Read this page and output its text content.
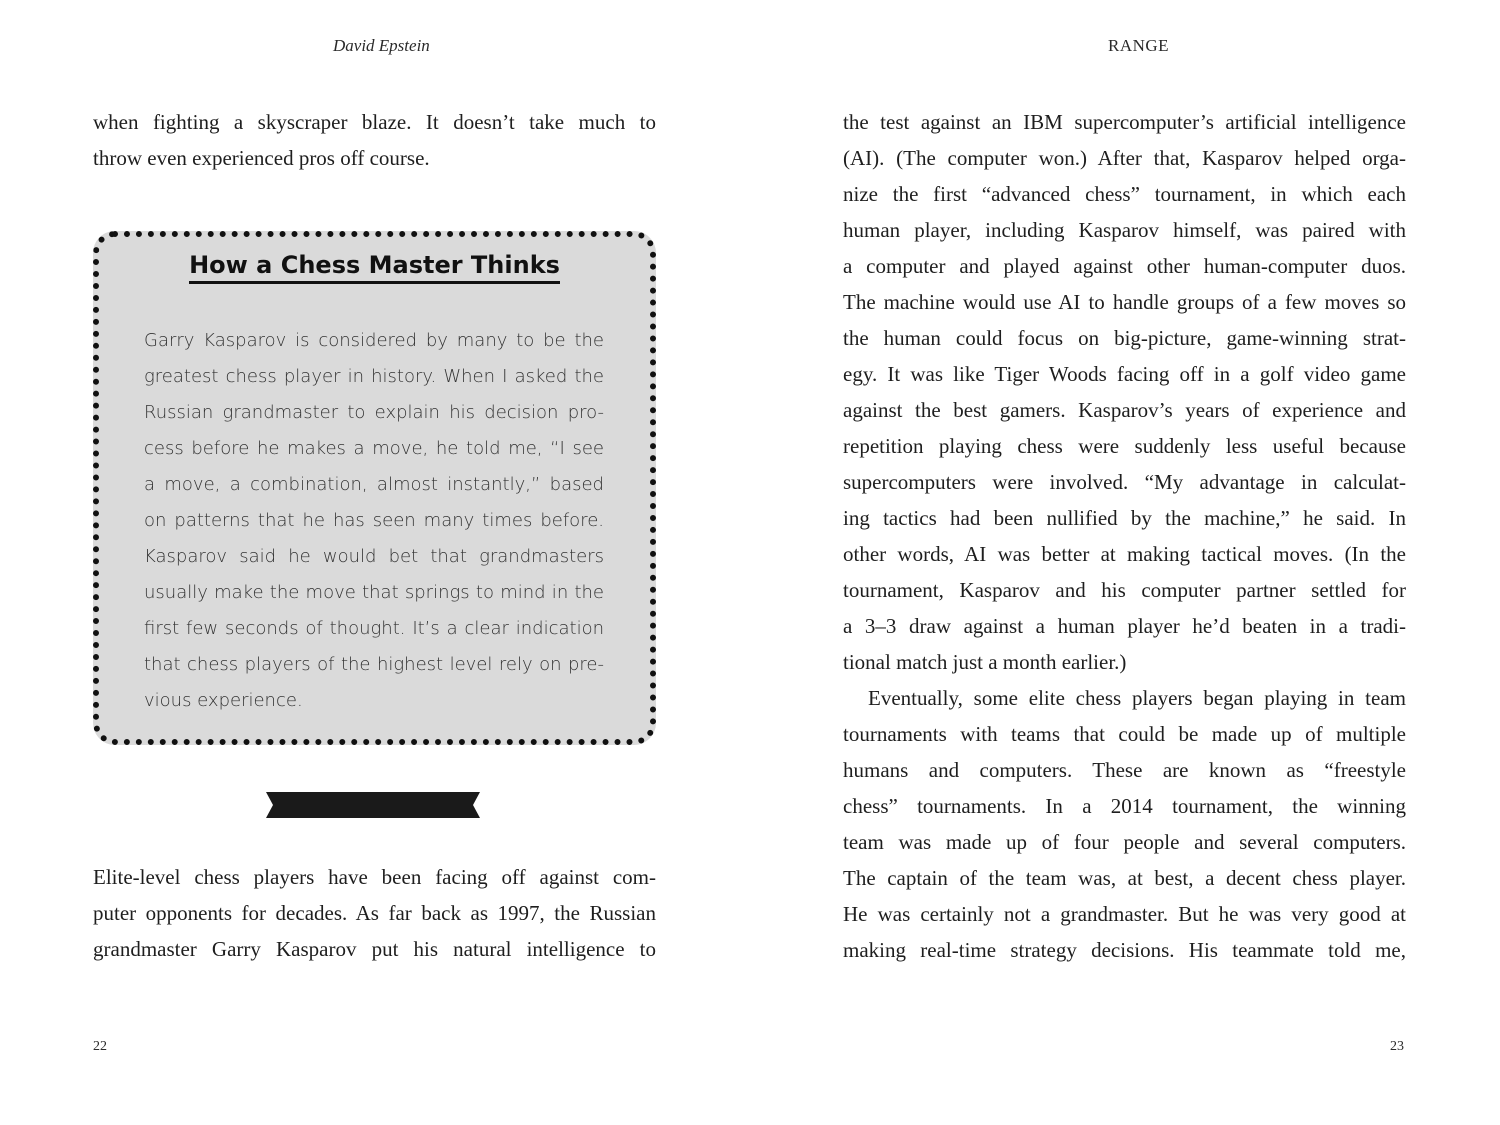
David Epstein	RANGE

when fighting a skyscraper blaze. It doesn’t take much to

throw even experienced pros off course.

How a Chess Master Thinks

Garry Kasparov is considered by many to be the

greatest chess player in history. When I asked the

Russian grandmaster to explain his decision pro-

cess before he makes a move, he told me, “I see

a move, a combination, almost instantly,” based

on patterns that he has seen many times before.

Kasparov said he would bet that grandmasters

usually make the move that springs to mind in the

first few seconds of thought. It’s a clear indication

that chess players of the highest level rely on pre-

vious experience.

Elite-level chess players have been facing off against com-

puter opponents for decades. As far back as 1997, the Russian

grandmaster Garry Kasparov put his natural intelligence to

22

the test against an IBM supercomputer’s artificial intelligence

(AI). (The computer won.) After that, Kasparov helped orga-

nize the first “advanced chess” tournament, in which each

human player, including Kasparov himself, was paired with

a computer and played against other human-computer duos.

The machine would use AI to handle groups of a few moves so

the human could focus on big-picture, game-winning strat-

egy. It was like Tiger Woods facing off in a golf video game

against the best gamers. Kasparov’s years of experience and

repetition playing chess were suddenly less useful because

supercomputers were involved. “My advantage in calculat-

ing tactics had been nullified by the machine,” he said. In

other words, AI was better at making tactical moves. (In the

tournament, Kasparov and his computer partner settled for

a 3–3 draw against a human player he’d beaten in a tradi-

tional match just a month earlier.)

Eventually, some elite chess players began playing in team

tournaments with teams that could be made up of multiple

humans and computers. These are known as “freestyle

chess” tournaments. In a 2014 tournament, the winning

team was made up of four people and several computers.

The captain of the team was, at best, a decent chess player.

He was certainly not a grandmaster. But he was very good at

making real-time strategy decisions. His teammate told me,

23
